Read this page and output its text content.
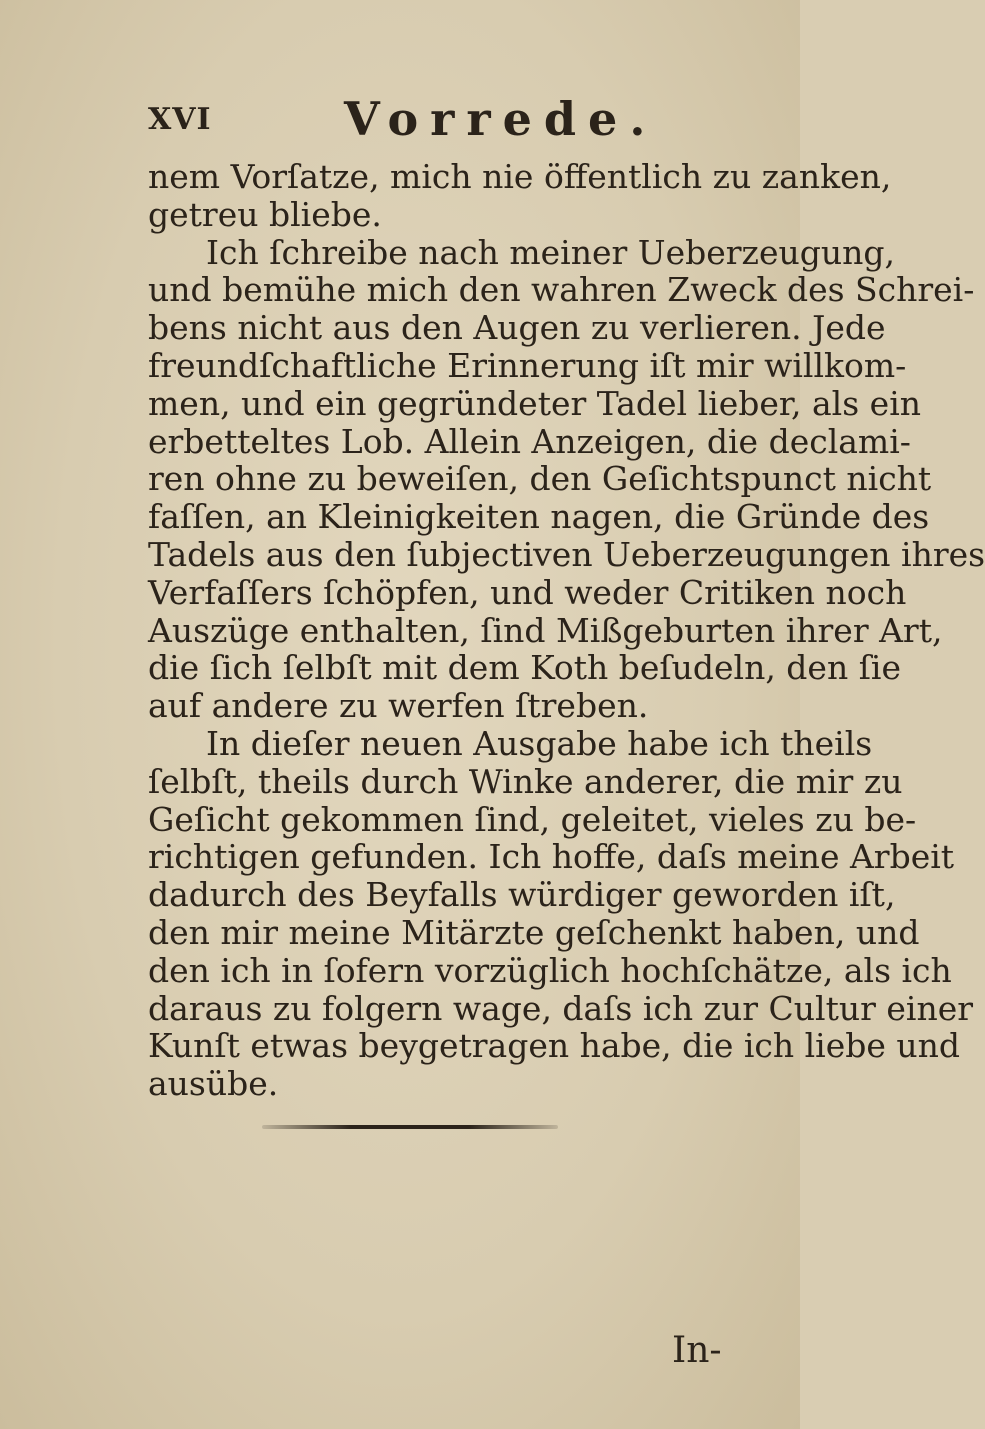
XVI	Vorrede.
nem Vorſatze, mich nie öffentlich zu zanken,
getreu bliebe.
Ich ſchreibe nach meiner Ueberzeugung,
und bemühe mich den wahren Zweck des Schrei-
bens nicht aus den Augen zu verlieren. Jede
freundſchaftliche Erinnerung iſt mir willkom-
men, und ein gegründeter Tadel lieber, als ein
erbetteltes Lob. Allein Anzeigen, die declami-
ren ohne zu beweiſen, den Geſichtspunct nicht
faſſen, an Kleinigkeiten nagen, die Gründe des
Tadels aus den ſubjectiven Ueberzeugungen ihres
Verfaſſers ſchöpfen, und weder Critiken noch
Auszüge enthalten, ſind Mißgeburten ihrer Art,
die ſich ſelbſt mit dem Koth beſudeln, den ſie
auf andere zu werfen ſtreben.
In dieſer neuen Ausgabe habe ich theils
ſelbſt, theils durch Winke anderer, die mir zu
Geſicht gekommen ſind, geleitet, vieles zu be-
richtigen gefunden. Ich hoffe, daſs meine Arbeit
dadurch des Beyfalls würdiger geworden iſt,
den mir meine Mitärzte geſchenkt haben, und
den ich in ſofern vorzüglich hochſchätze, als ich
daraus zu folgern wage, daſs ich zur Cultur einer
Kunſt etwas beygetragen habe, die ich liebe und
ausübe.
In-
